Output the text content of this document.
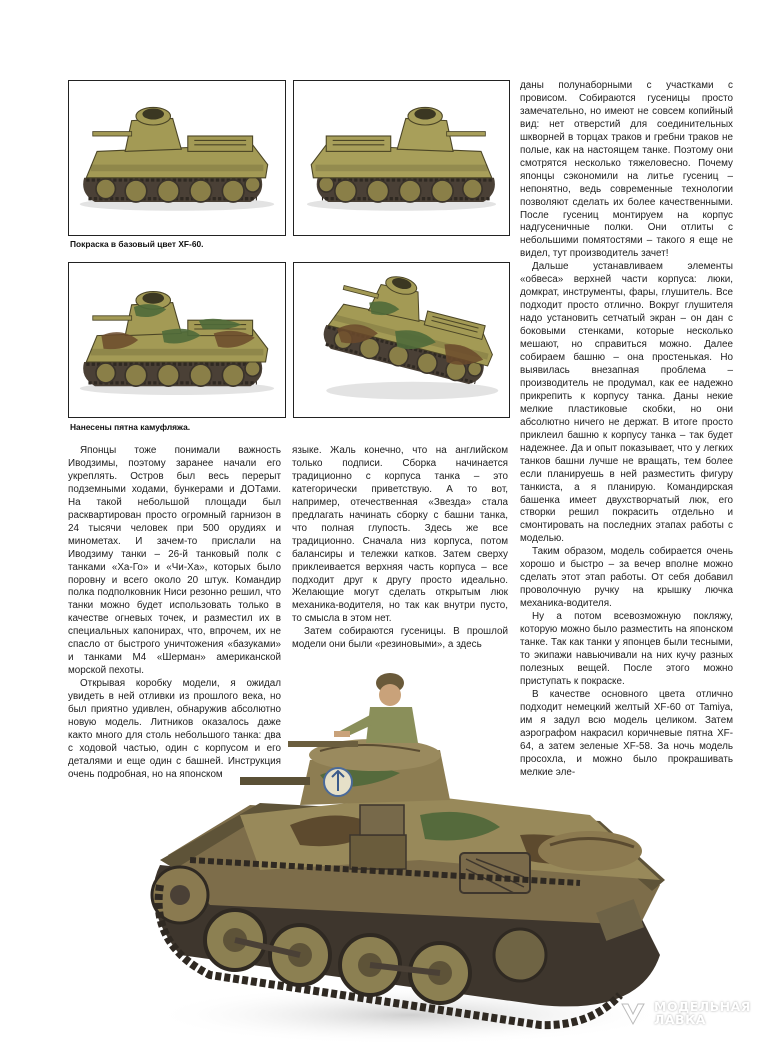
Покраска в базовый цвет XF-60.
Нанесены пятна камуфляжа.

Японцы тоже понимали важность Иводзимы, поэтому заранее начали его укреплять. Остров был весь перерыт подземными ходами, бункерами и ДОТами. На такой небольшой площади был расквартирован просто огромный гарнизон в 24 тысячи человек при 500 орудиях и минометах. И зачем-то прислали на Иводзиму танки – 26-й танковый полк с танками «Ха-Го» и «Чи-Ха», которых было поровну и всего около 20 штук. Командир полка подполковник Ниси резонно решил, что танки можно будет использовать только в качестве огневых точек, и разместил их в специальных капонирах, что, впрочем, их не спасло от быстрого уничтожения «базуками» и танками М4 «Шерман» американской морской пехоты.

Открывая коробку модели, я ожидал увидеть в ней отливки из прошлого века, но был приятно удивлен, обнаружив абсолютно новую модель. Литников оказалось даже както много для столь небольшого танка: два с ходовой частью, один с корпусом и его деталями и еще один с башней. Инструкция очень подробная, но на японском

языке. Жаль конечно, что на английском только подписи. Сборка начинается традиционно с корпуса танка – это категорически приветствую. А то вот, например, отечественная «Звезда» стала предлагать начинать сборку с башни танка, что полная глупость. Здесь же все традиционно. Сначала низ корпуса, потом балансиры и тележки катков. Затем сверху приклеивается верхняя часть корпуса – все подходит друг к другу просто идеально. Желающие могут сделать открытым люк механика-водителя, но так как внутри пусто, то смысла в этом нет.

Затем собираются гусеницы. В прошлой модели они были «резиновыми», а здесь

даны полунаборными с участками с провисом. Собираются гусеницы просто замечательно, но имеют не совсем копийный вид: нет отверстий для соединительных шкворней в торцах траков и гребни траков не полые, как на настоящем танке. Поэтому они смотрятся несколько тяжеловесно. Почему японцы сэкономили на литье гусениц – непонятно, ведь современные технологии позволяют сделать их более качественными. После гусениц монтируем на корпус надгусеничные полки. Они отлиты с небольшими помятостями – такого я еще не видел, тут производитель зачет!

Дальше устанавливаем элементы «обвеса» верхней части корпуса: люки, домкрат, инструменты, фары, глушитель. Все подходит просто отлично. Вокруг глушителя надо установить сетчатый экран – он дан с боковыми стенками, которые несколько мешают, но справиться можно. Далее собираем башню – она простенькая. Но выявилась внезапная проблема – производитель не продумал, как ее надежно прикрепить к корпусу танка. Даны некие мелкие пластиковые скобки, но они абсолютно ничего не держат. В итоге просто приклеил башню к корпусу танка – так будет надежнее. Да и опыт показывает, что у легких танков башни лучше не вращать, тем более если планируешь в ней разместить фигуру танкиста, а я планирую. Командирская башенка имеет двухстворчатый люк, его створки решил покрасить отдельно и смонтировать на последних этапах работы с моделью.

Таким образом, модель собирается очень хорошо и быстро – за вечер вполне можно сделать этот этап работы. От себя добавил проволочную ручку на крышку лючка механика-водителя.

Ну а потом всевозможную покляжу, которую можно было разместить на японском танке. Так как танки у японцев были тесными, то экипажи навьючивали на них кучу разных полезных вещей. После этого можно приступать к покраске.

В качестве основного цвета отлично подходит немецкий желтый XF-60 от Tamiya, им я задул всю модель целиком. Затем аэрографом накрасил коричневые пятна XF-64, а затем зеленые XF-58. За ночь модель просохла, и можно было прокрашивать мелкие эле-

МОДЕЛЬНАЯ
ЛАВКА
